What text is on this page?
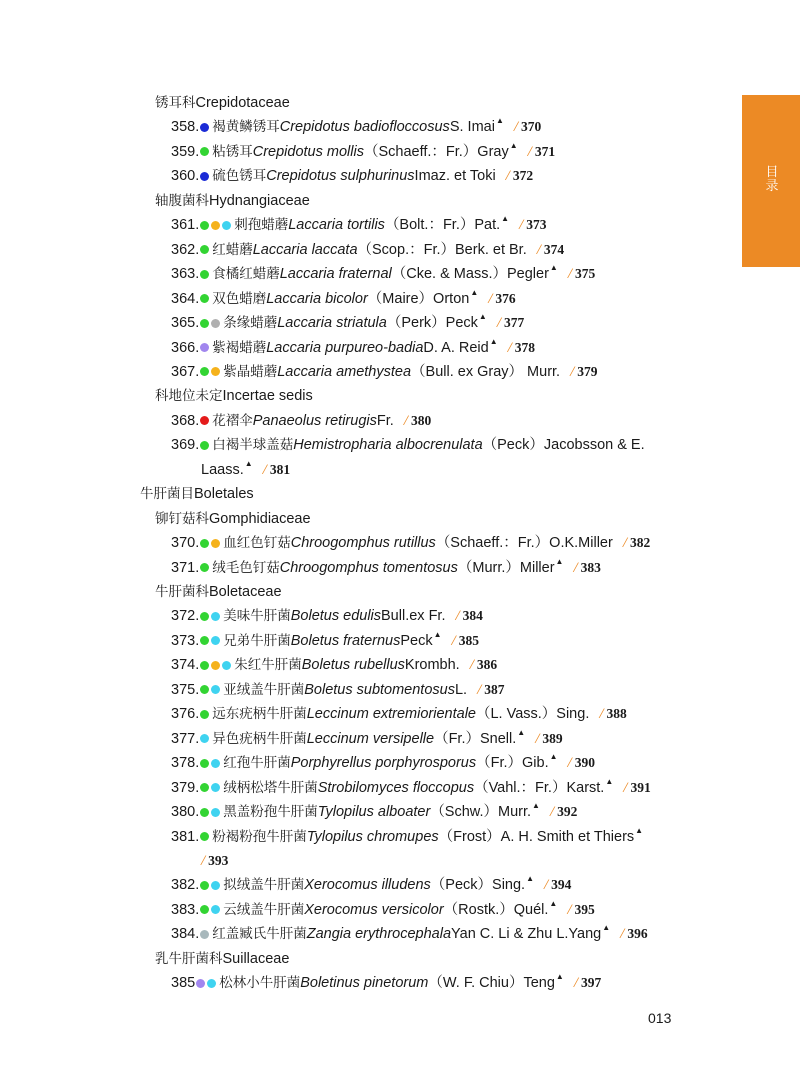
目录
锈耳科 Crepidotaceae
358. 褐黄鳞锈耳 Crepidotus badiofloccosus S. Imai ▲ / 370
359. 粘锈耳 Crepidotus mollis （Schaeff.：Fr.）Gray ▲ / 371
360. 硫色锈耳 Crepidotus sulphurinus Imaz. et Toki / 372
轴腹菌科 Hydnangiaceae
361.	刺孢蜡蘑 Laccaria tortilis （Bolt.：Fr.）Pat. ▲ / 373
362. 红蜡蘑 Laccaria laccata （Scop.：Fr.）Berk. et Br. / 374
363. 食橘红蜡蘑 Laccaria fraternal （Cke. & Mass.）Pegler ▲ / 375
364. 双色蜡磨 Laccaria bicolor （Maire）Orton ▲ / 376
365. 条缘蜡蘑 Laccaria striatula （Perk）Peck ▲ / 377
366. 紫褐蜡蘑 Laccaria purpureo-badia D. A. Reid ▲ / 378
367. 紫晶蜡蘑 Laccaria amethystea （Bull. ex Gray） Murr. / 379
科地位未定 Incertae sedis
368. 花褶伞 Panaeolus retirugis Fr. / 380
369. 白褐半球盖菇 Hemistropharia albocrenulata （Peck）Jacobsson & E.
Laass. ▲ / 381
牛肝菌目 Boletales
铆钉菇科 Gomphidiaceae
370. 血红色钉菇 Chroogomphus rutillus （Schaeff.：Fr.）O.K.Miller / 382
371. 绒毛色钉菇 Chroogomphus tomentosus （Murr.）Miller ▲ / 383
牛肝菌科 Boletaceae
372. 美味牛肝菌 Boletus edulis Bull.ex Fr. / 384
373. 兄弟牛肝菌 Boletus fraternus Peck ▲ / 385
374.	朱红牛肝菌 Boletus rubellus Krombh. / 386
375. 亚绒盖牛肝菌 Boletus subtomentosus L. / 387
376. 远东疣柄牛肝菌 Leccinum extremiorientale （L. Vass.）Sing. / 388
377. 异色疣柄牛肝菌 Leccinum versipelle （Fr.）Snell. ▲ / 389
378. 红孢牛肝菌 Porphyrellus porphyrosporus （Fr.）Gib. ▲ / 390
379. 绒柄松塔牛肝菌 Strobilomyces floccopus （Vahl.：Fr.）Karst. ▲ / 391
380. 黑盖粉孢牛肝菌 Tylopilus alboater （Schw.）Murr. ▲ / 392
381. 粉褐粉孢牛肝菌 Tylopilus chromupes （Frost）A. H. Smith et Thiers ▲
/ 393
382. 拟绒盖牛肝菌 Xerocomus illudens （Peck）Sing. ▲ / 394
383. 云绒盖牛肝菌 Xerocomus versicolor （Rostk.）Quél. ▲ / 395
384. 红盖臧氏牛肝菌 Zangia erythrocephala Yan C. Li & Zhu L.Yang ▲ / 396
乳牛肝菌科 Suillaceae
385 松林小牛肝菌 Boletinus pinetorum （W. F. Chiu）Teng ▲ / 397
013
